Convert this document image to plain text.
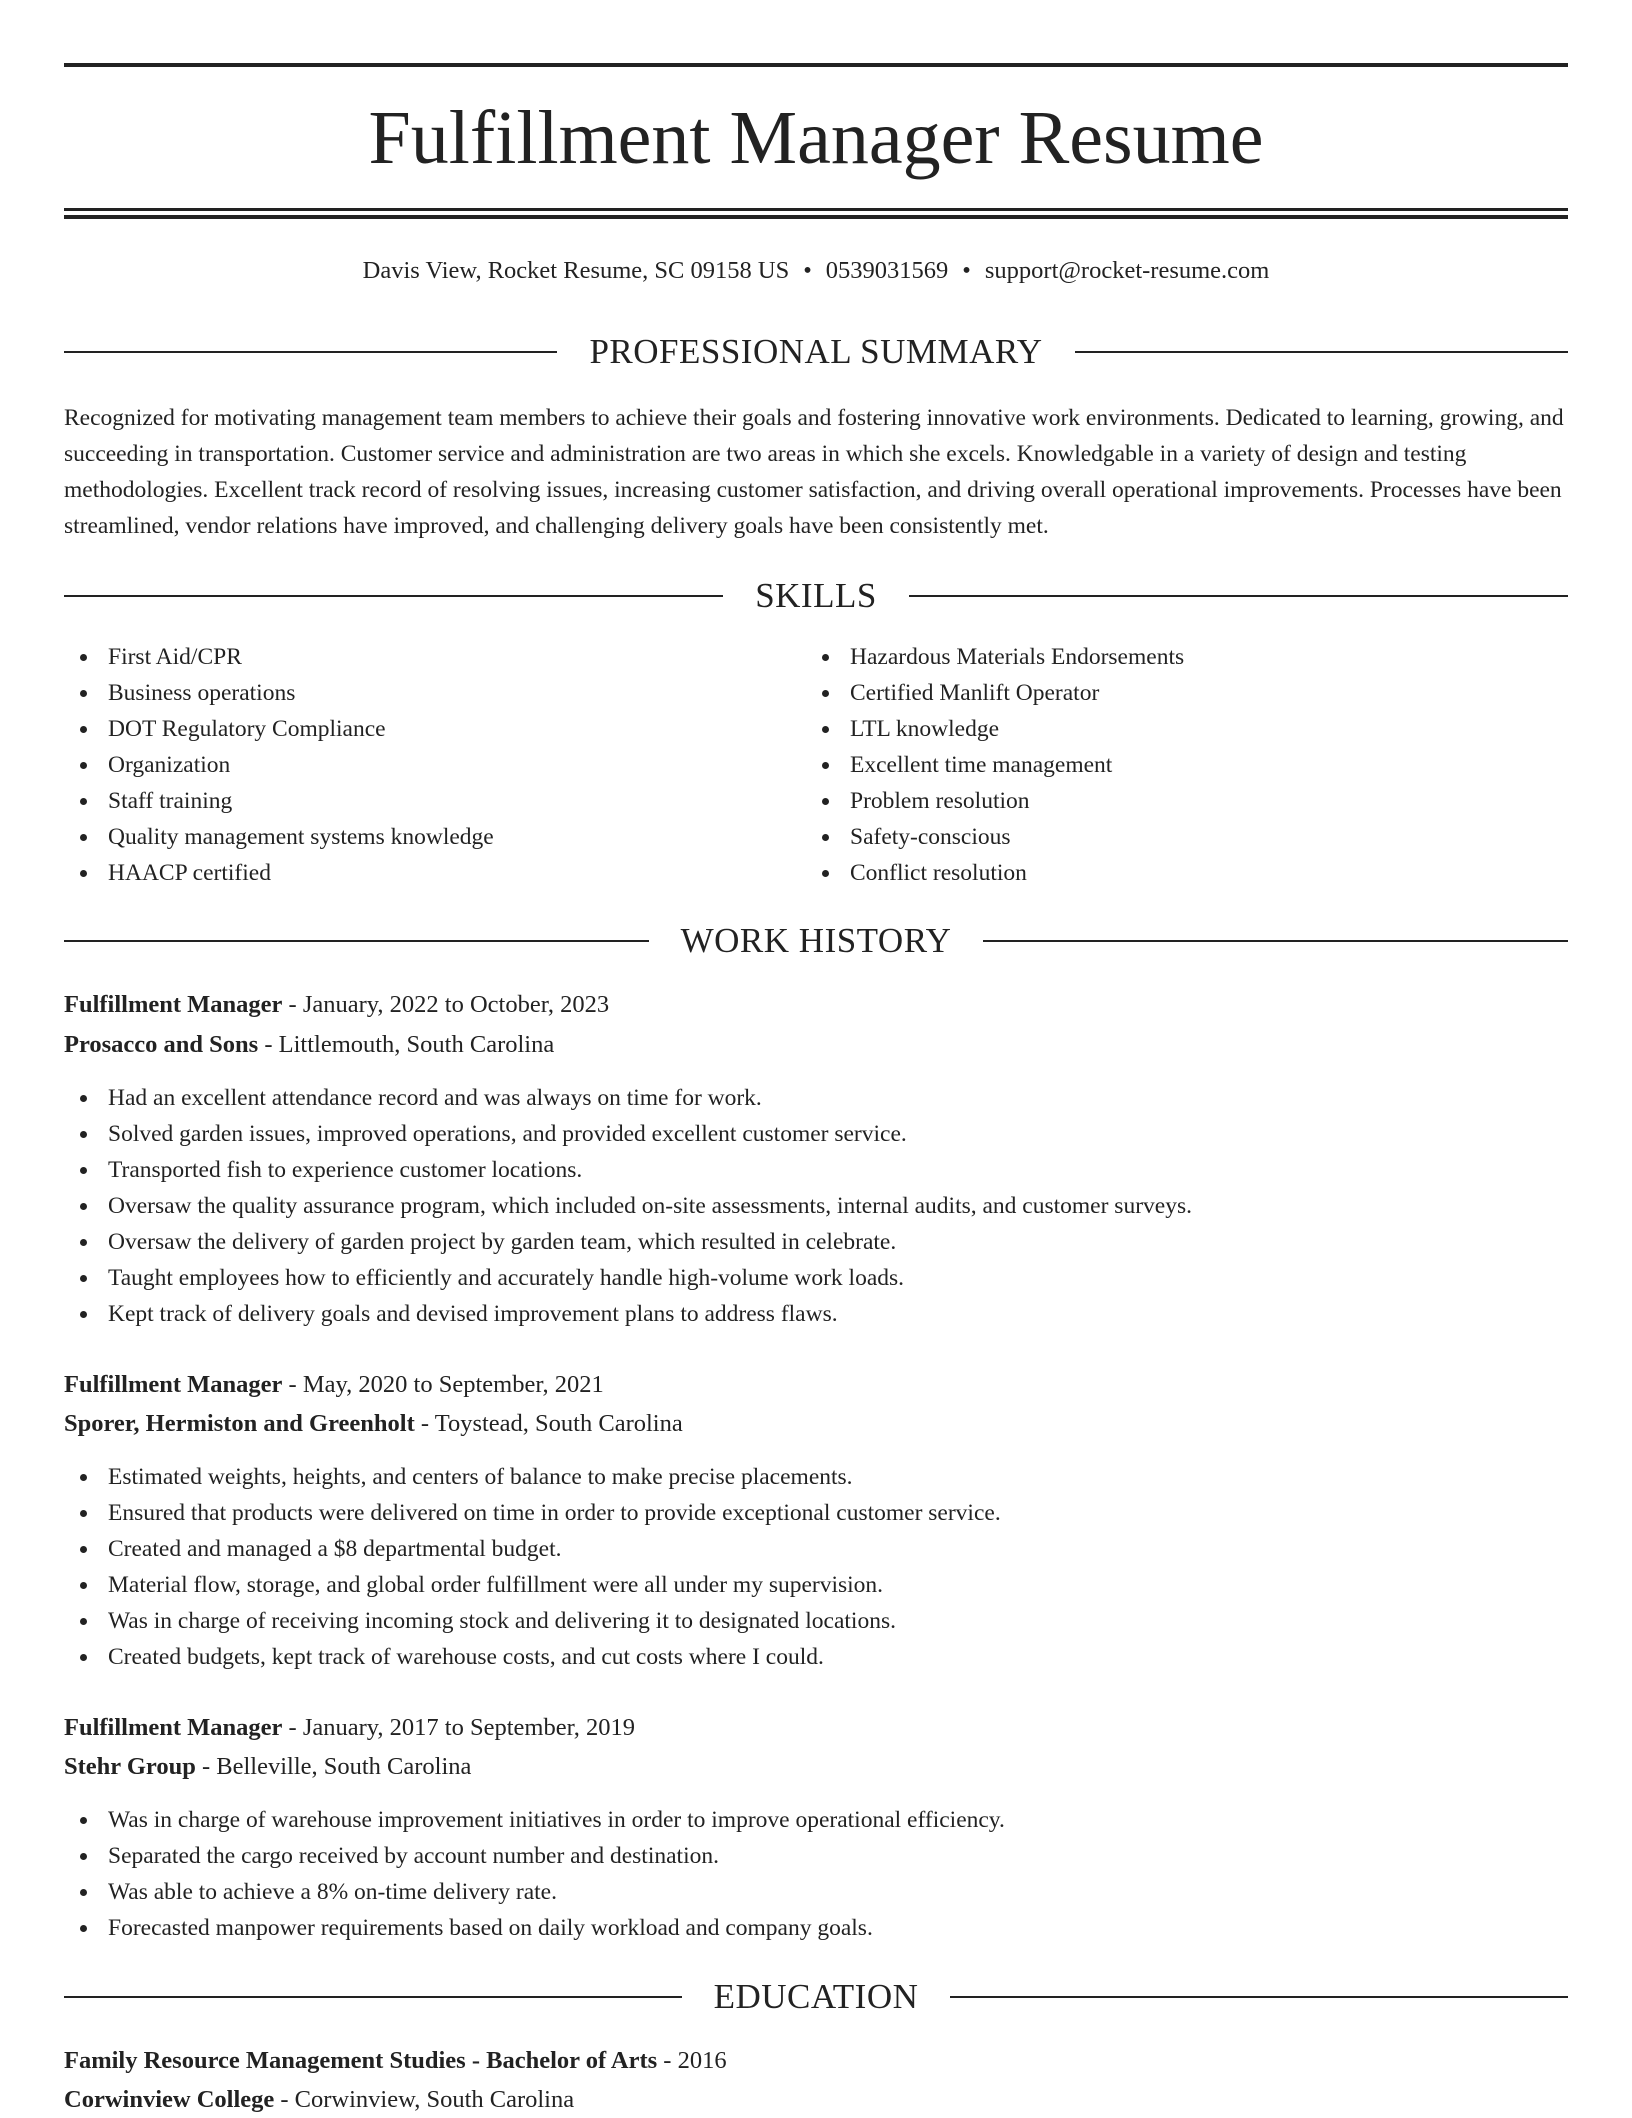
Fulfillment Manager Resume
Davis View, Rocket Resume, SC 09158 US • 0539031569 • support@rocket-resume.com
PROFESSIONAL SUMMARY

Recognized for motivating management team members to achieve their goals and fostering innovative work environments. Dedicated to learning, growing, and succeeding in transportation. Customer service and administration are two areas in which she excels. Knowledgable in a variety of design and testing methodologies. Excellent track record of resolving issues, increasing customer satisfaction, and driving overall operational improvements. Processes have been streamlined, vendor relations have improved, and challenging delivery goals have been consistently met.

SKILLS
First Aid/CPR
Business operations
DOT Regulatory Compliance
Organization
Staff training
Quality management systems knowledge
HAACP certified
Hazardous Materials Endorsements
Certified Manlift Operator
LTL knowledge
Excellent time management
Problem resolution
Safety-conscious
Conflict resolution
WORK HISTORY
Fulfillment Manager - January, 2022 to October, 2023
Prosacco and Sons - Littlemouth, South Carolina
Had an excellent attendance record and was always on time for work.
Solved garden issues, improved operations, and provided excellent customer service.
Transported fish to experience customer locations.
Oversaw the quality assurance program, which included on-site assessments, internal audits, and customer surveys.
Oversaw the delivery of garden project by garden team, which resulted in celebrate.
Taught employees how to efficiently and accurately handle high-volume work loads.
Kept track of delivery goals and devised improvement plans to address flaws.
Fulfillment Manager - May, 2020 to September, 2021
Sporer, Hermiston and Greenholt - Toystead, South Carolina
Estimated weights, heights, and centers of balance to make precise placements.
Ensured that products were delivered on time in order to provide exceptional customer service.
Created and managed a $8 departmental budget.
Material flow, storage, and global order fulfillment were all under my supervision.
Was in charge of receiving incoming stock and delivering it to designated locations.
Created budgets, kept track of warehouse costs, and cut costs where I could.
Fulfillment Manager - January, 2017 to September, 2019
Stehr Group - Belleville, South Carolina
Was in charge of warehouse improvement initiatives in order to improve operational efficiency.
Separated the cargo received by account number and destination.
Was able to achieve a 8% on-time delivery rate.
Forecasted manpower requirements based on daily workload and company goals.
EDUCATION
Family Resource Management Studies - Bachelor of Arts - 2016
Corwinview College - Corwinview, South Carolina
